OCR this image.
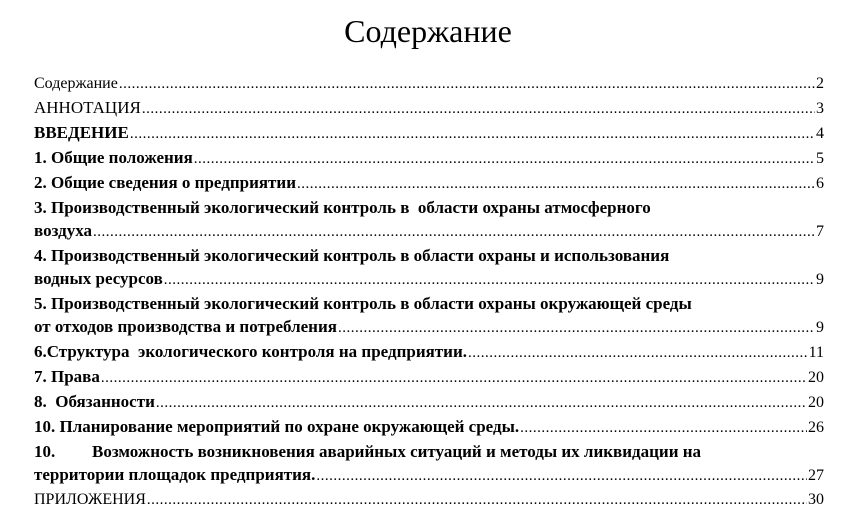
Содержание
Содержание .....	2
АННОТАЦИЯ .....	3
ВВЕДЕНИЕ .....	4
1. Общие положения .....	5
2. Общие сведения о предприятии .....	6
3. Производственный экологический контроль в  области охраны атмосферного
воздуха .....	7
4. Производственный экологический контроль в области охраны и использования
водных ресурсов .....	9
5. Производственный экологический контроль в области охраны окружающей среды
от отходов производства и потребления .....	9
6.Структура  экологического контроля на предприятии. .....	11
7. Права .....	20
8.  Обязанности .....	20
10. Планирование мероприятий по охране окружающей среды. .....	26
10.	Возможность возникновения аварийных ситуаций и методы их ликвидации на
территории площадок предприятия. .....	27
ПРИЛОЖЕНИЯ .....	30
